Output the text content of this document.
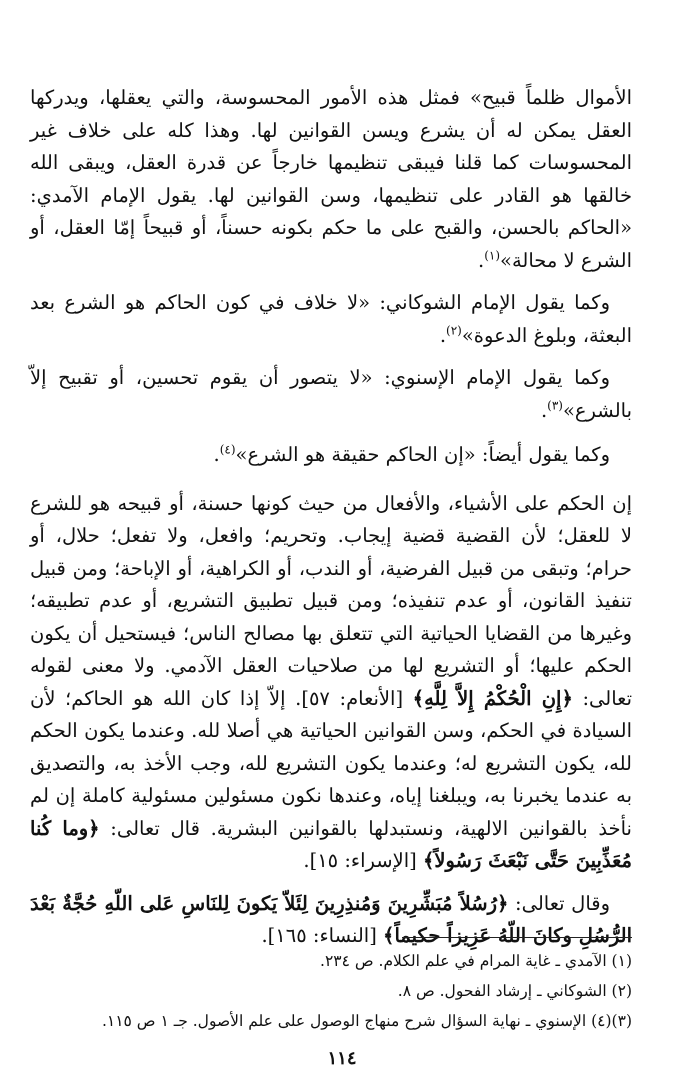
الأموال ظلماً قبيح» فمثل هذه الأمور المحسوسة، والتي يعقلها، ويدركها العقل يمكن له أن يشرع ويسن القوانين لها. وهذا كله على خلاف غير المحسوسات كما قلنا فيبقى تنظيمها خارجاً عن قدرة العقل، ويبقى الله خالقها هو القادر على تنظيمها، وسن القوانين لها. يقول الإمام الآمدي: «الحاكم بالحسن، والقبح على ما حكم بكونه حسناً، أو قبيحاً إمّا العقل، أو الشرع لا محالة»$^{(١)}$.

وكما يقول الإمام الشوكاني: «لا خلاف في كون الحاكم هو الشرع بعد البعثة، وبلوغ الدعوة»$^{(٢)}$.

وكما يقول الإمام الإسنوي: «لا يتصور أن يقوم تحسين، أو تقبيح إلاّ بالشرع»$^{(٣)}$.

وكما يقول أيضاً: «إن الحاكم حقيقة هو الشرع»$^{(٤)}$.

إن الحكم على الأشياء، والأفعال من حيث كونها حسنة، أو قبيحه هو للشرع لا للعقل؛ لأن القضية قضية إيجاب. وتحريم؛ وافعل، ولا تفعل؛ حلال، أو حرام؛ وتبقى من قبيل الفرضية، أو الندب، أو الكراهية، أو الإباحة؛ ومن قبيل تنفيذ القانون، أو عدم تنفيذه؛ ومن قبيل تطبيق التشريع، أو عدم تطبيقه؛ وغيرها من القضايا الحياتية التي تتعلق بها مصالح الناس؛ فيستحيل أن يكون الحكم عليها؛ أو التشريع لها من صلاحيات العقل الآدمي. ولا معنى لقوله تعالى: ﴿إِنِ الْحُكْمُ إِلاَّ لِلَّهِ﴾ [الأنعام: ٥٧]. إلاّ إذا كان الله هو الحاكم؛ لأن السيادة في الحكم، وسن القوانين الحياتية هي أصلا لله. وعندما يكون الحكم لله، يكون التشريع له؛ وعندما يكون التشريع لله، وجب الأخذ به، والتصديق به عندما يخبرنا به، ويبلغنا إياه، وعندها نكون مسئولين مسئولية كاملة إن لم نأخذ بالقوانين الالهية، ونستبدلها بالقوانين البشرية. قال تعالى: ﴿وما كُنا مُعَذِّبِينَ حَتَّى نَبْعَثَ رَسُولاً﴾ [الإسراء: ١٥].

وقال تعالى: ﴿رُسُلاً مُبَشِّرِينَ وَمُنذِرِينَ لِئَلاّ يَكونَ لِلنَاسِ عَلى اللّهِ حُجَّةٌ بَعْدَ الرُّسُلِ وكانَ اللّهُ عَزِيزاً حكيماً﴾ [النساء: ١٦٥].

(١) الآمدي ـ غاية المرام في علم الكلام. ص ٢٣٤.

(٢) الشوكاني ـ إرشاد الفحول. ص ٨.

(٣)(٤) الإسنوي ـ نهاية السؤال شرح منهاج الوصول على علم الأصول. جـ ١ ص ١١٥.

١١٤
